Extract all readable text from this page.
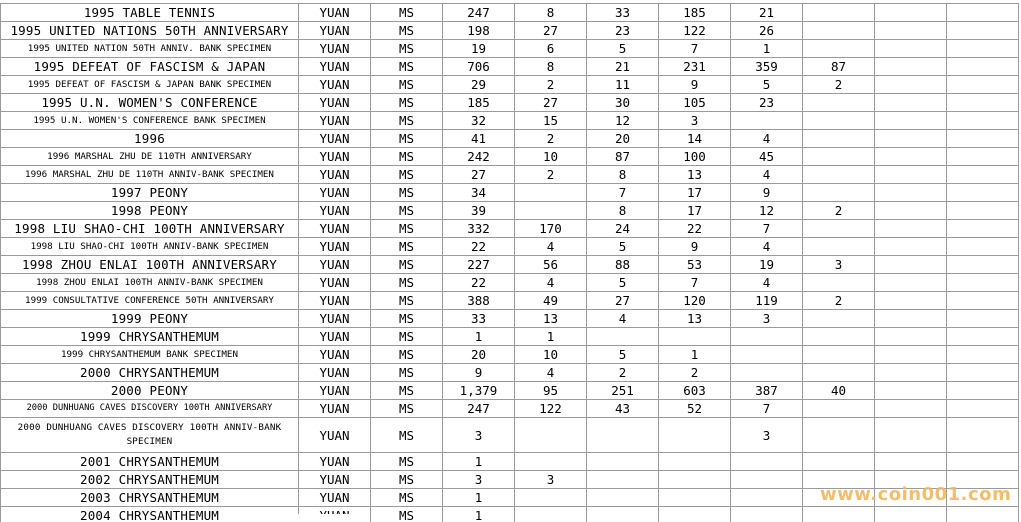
1995 TABLE TENNIS	YUAN	MS	247	8	33	185	21			
1995 UNITED NATIONS 50TH ANNIVERSARY	YUAN	MS	198	27	23	122	26			
1995 UNITED NATION 50TH ANNIV. BANK SPECIMEN	YUAN	MS	19	6	5	7	1			
1995 DEFEAT OF FASCISM & JAPAN	YUAN	MS	706	8	21	231	359	87		
1995 DEFEAT OF FASCISM & JAPAN BANK SPECIMEN	YUAN	MS	29	2	11	9	5	2		
1995 U.N. WOMEN'S CONFERENCE	YUAN	MS	185	27	30	105	23			
1995 U.N. WOMEN'S CONFERENCE BANK SPECIMEN	YUAN	MS	32	15	12	3				
1996	YUAN	MS	41	2	20	14	4			
1996 MARSHAL ZHU DE 110TH ANNIVERSARY	YUAN	MS	242	10	87	100	45			
1996 MARSHAL ZHU DE 110TH ANNIV-BANK SPECIMEN	YUAN	MS	27	2	8	13	4			
1997 PEONY	YUAN	MS	34		7	17	9			
1998 PEONY	YUAN	MS	39		8	17	12	2		
1998 LIU SHAO-CHI 100TH ANNIVERSARY	YUAN	MS	332	170	24	22	7			
1998 LIU SHAO-CHI 100TH ANNIV-BANK SPECIMEN	YUAN	MS	22	4	5	9	4			
1998 ZHOU ENLAI 100TH ANNIVERSARY	YUAN	MS	227	56	88	53	19	3		
1998 ZHOU ENLAI 100TH ANNIV-BANK SPECIMEN	YUAN	MS	22	4	5	7	4			
1999 CONSULTATIVE CONFERENCE 50TH ANNIVERSARY	YUAN	MS	388	49	27	120	119	2		
1999 PEONY	YUAN	MS	33	13	4	13	3			
1999 CHRYSANTHEMUM	YUAN	MS	1	1						
1999 CHRYSANTHEMUM BANK SPECIMEN	YUAN	MS	20	10	5	1				
2000 CHRYSANTHEMUM	YUAN	MS	9	4	2	2				
2000 PEONY	YUAN	MS	1,379	95	251	603	387	40		
2000 DUNHUANG CAVES DISCOVERY 100TH ANNIVERSARY	YUAN	MS	247	122	43	52	7			
2000 DUNHUANG CAVES DISCOVERY 100TH ANNIV-BANK SPECIMEN	YUAN	MS	3				3			
2001 CHRYSANTHEMUM	YUAN	MS	1							
2002 CHRYSANTHEMUM	YUAN	MS	3	3						
2003 CHRYSANTHEMUM	YUAN	MS	1							
2004 CHRYSANTHEMUM		MS	1							
www.coin001.com
